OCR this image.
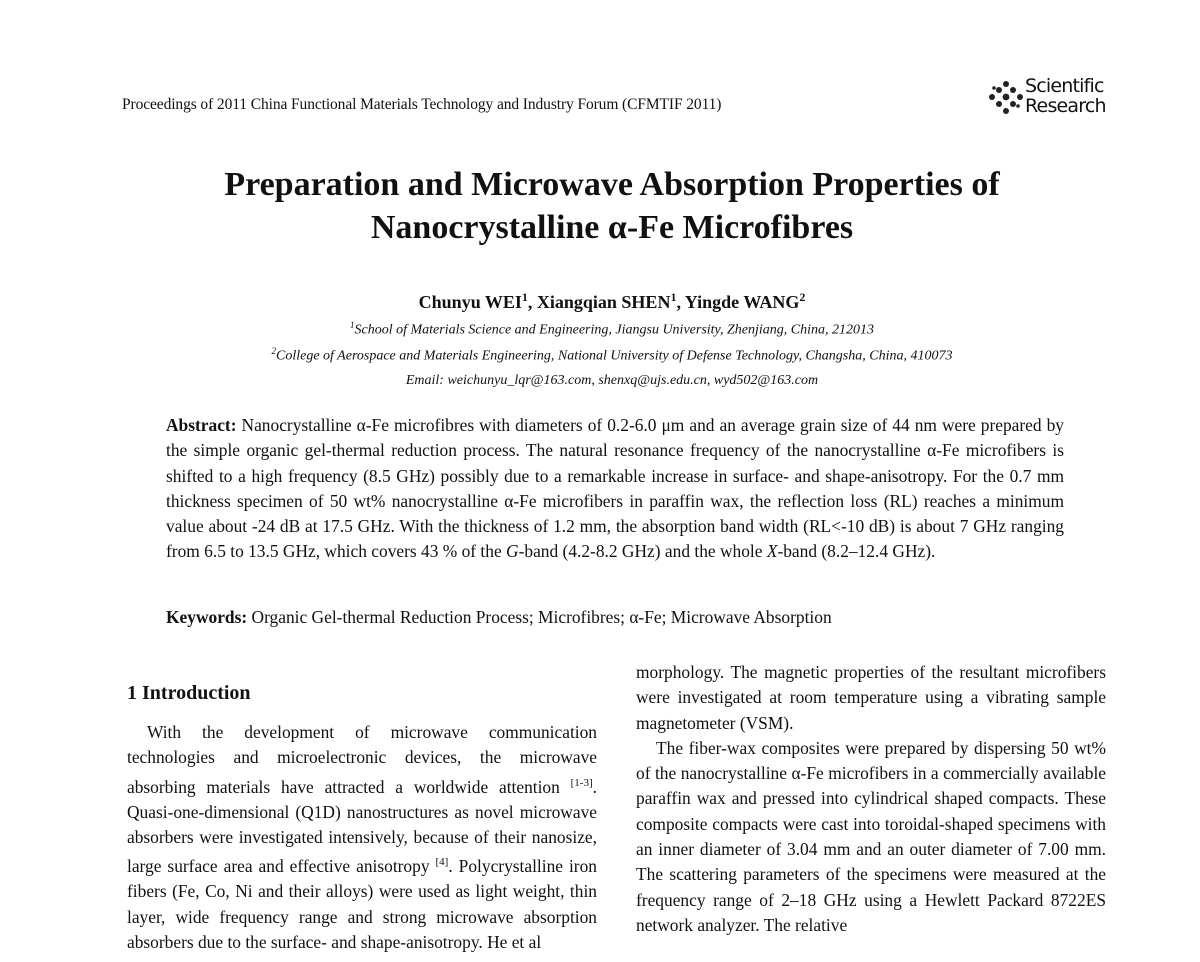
Proceedings of 2011 China Functional Materials Technology and Industry Forum (CFMTIF 2011)
Scientific
Research
Preparation and Microwave Absorption Properties of
Nanocrystalline α-Fe Microfibres
Chunyu WEI$^1$, Xiangqian SHEN$^1$, Yingde WANG$^2$
$^1$School of Materials Science and Engineering, Jiangsu University, Zhenjiang, China, 212013
$^2$College of Aerospace and Materials Engineering, National University of Defense Technology, Changsha, China, 410073
Email: weichunyu_lqr@163.com, shenxq@ujs.edu.cn, wyd502@163.com
Abstract: Nanocrystalline α-Fe microfibres with diameters of 0.2-6.0 μm and an average grain size of 44 nm were prepared by the simple organic gel-thermal reduction process. The natural resonance frequency of the nanocrystalline α-Fe microfibers is shifted to a high frequency (8.5 GHz) possibly due to a remarkable increase in surface- and shape-anisotropy. For the 0.7 mm thickness specimen of 50 wt% nanocrystalline α-Fe microfibers in paraffin wax, the reflection loss (RL) reaches a minimum value about -24 dB at 17.5 GHz. With the thickness of 1.2 mm, the absorption band width (RL<-10 dB) is about 7 GHz ranging from 6.5 to 13.5 GHz, which covers 43 % of the G-band (4.2-8.2 GHz) and the whole X-band (8.2–12.4 GHz).
Keywords: Organic Gel-thermal Reduction Process; Microfibres; α-Fe; Microwave Absorption
1 Introduction

With the development of microwave communication technologies and microelectronic devices, the microwave absorbing materials have attracted a worldwide attention [1-3]. Quasi-one-dimensional (Q1D) nanostructures as novel microwave absorbers were investigated intensively, because of their nanosize, large surface area and effective anisotropy [4]. Polycrystalline iron fibers (Fe, Co, Ni and their alloys) were used as light weight, thin layer, wide frequency range and strong microwave absorption absorbers due to the surface- and shape-anisotropy. He et al

morphology. The magnetic properties of the resultant microfibers were investigated at room temperature using a vibrating sample magnetometer (VSM).

The fiber-wax composites were prepared by dispersing 50 wt% of the nanocrystalline α-Fe microfibers in a commercially available paraffin wax and pressed into cylindrical shaped compacts. These composite compacts were cast into toroidal-shaped specimens with an inner diameter of 3.04 mm and an outer diameter of 7.00 mm. The scattering parameters of the specimens were measured at the frequency range of 2–18 GHz using a Hewlett Packard 8722ES network analyzer. The relative
